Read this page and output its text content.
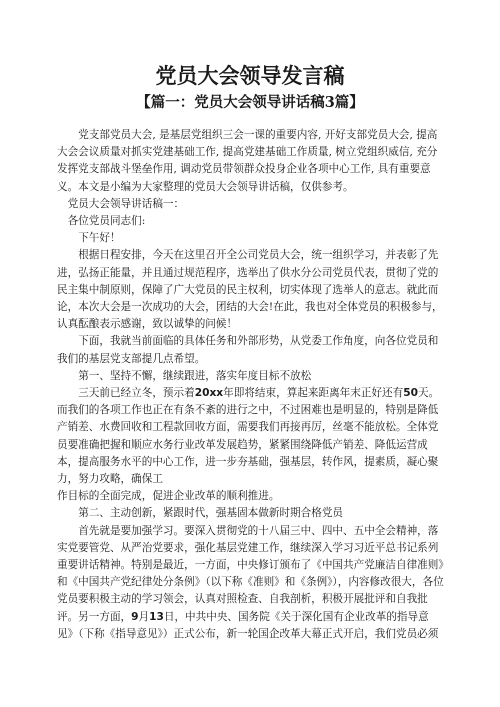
党员大会领导发言稿
【篇一：党员大会领导讲话稿3篇】

党支部党员大会, 是基层党组织三会一课的重要内容, 开好支部党员大会, 提高大会会议质量对抓实党建基础工作, 提高党建基础工作质量, 树立党组织威信, 充分发挥党支部战斗堡垒作用, 调动党员带领群众投身企业各项中心工作, 具有重要意义。本文是小编为大家整理的党员大会领导讲话稿，仅供参考。

党员大会领导讲话稿一：

各位党员同志们:

下午好！

根据日程安排，今天在这里召开全公司党员大会，统一组织学习，并表彰了先进，弘扬正能量，并且通过规范程序，选举出了供水分公司党员代表，贯彻了党的民主集中制原则，保障了广大党员的民主权利，切实体现了选举人的意志。就此而论，本次大会是一次成功的大会，团结的大会!在此，我也对全体党员的积极参与，认真酝酿表示感谢，致以诚挚的问候！

下面，我就当前面临的具体任务和外部形势，从党委工作角度，向各位党员和我们的基层党支部提几点希望。

第一、坚持不懈，继续跟进，落实年度目标不放松

三天前已经立冬，预示着20xx年即将结束，算起来距离年末正好还有50天。而我们的各项工作也正在有条不紊的进行之中，不过困难也是明显的，特别是降低产销差、水费回收和工程款回收方面，需要我们再接再厉，丝毫不能放松。全体党员要准确把握和顺应水务行业改革发展趋势，紧紧围绕降低产销差、降低运营成本，提高服务水平的中心工作，进一步夯基础，强基层，转作风，提素质，凝心聚力，努力攻略，确保工

作目标的全面完成，促进企业改革的顺利推进。

第二、主动创新，紧跟时代，强基固本做新时期合格党员

首先就是要加强学习。要深入贯彻党的十八届三中、四中、五中全会精神，落实党要管党、从严治党要求，强化基层党建工作，继续深入学习习近平总书记系列重要讲话精神。特别是最近，一方面，中央修订颁布了《中国共产党廉洁自律准则》和《中国共产党纪律处分条例》（以下称《准则》和《条例》），内容修改很大，各位党员要积极主动的学习领会，认真对照检查、自我剖析，积极开展批评和自我批评。另一方面，9月13日，中共中央、国务院《关于深化国有企业改革的指导意见》（下称《指导意见》）正式公布，新一轮国企改革大幕正式开启，我们党员必须
